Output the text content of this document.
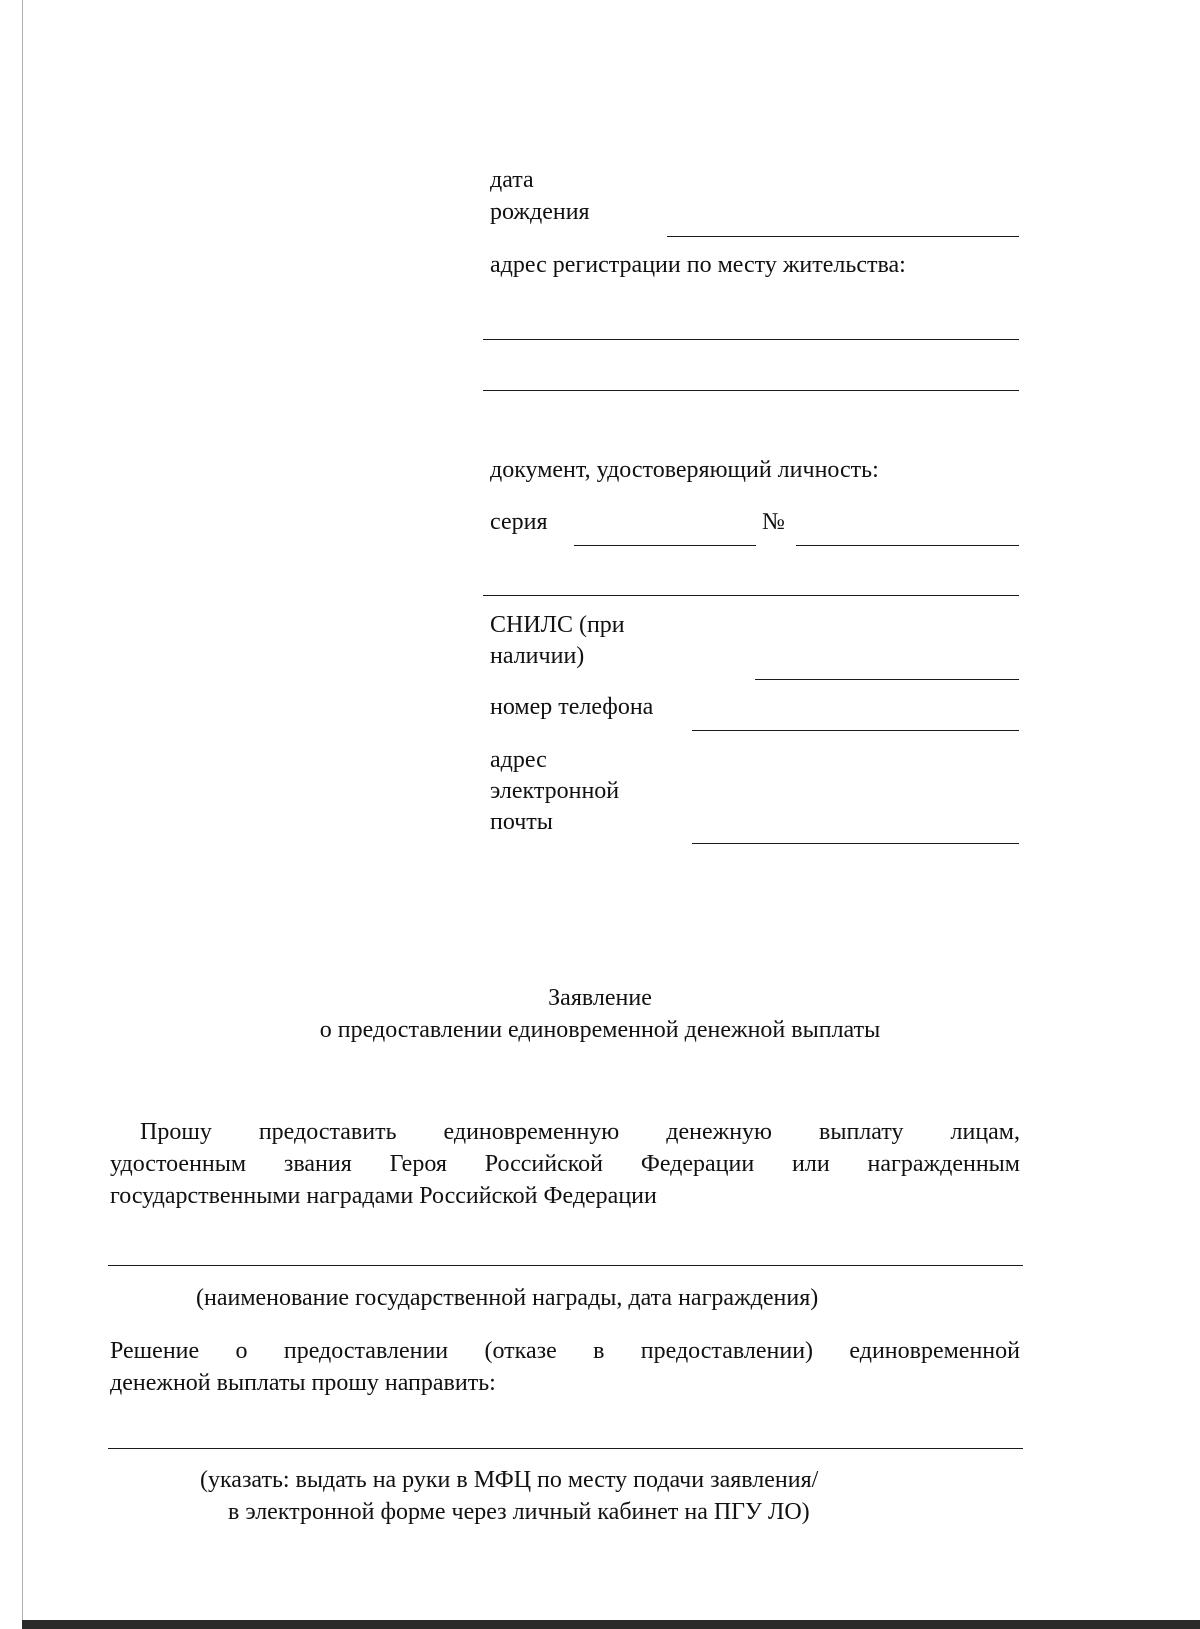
дата
рождения
адрес регистрации по месту жительства:
документ, удостоверяющий личность:
серия	№
СНИЛС (при
наличии)
номер телефона
адрес
электронной
почты
Заявление
о предоставлении единовременной денежной выплаты
Прошу предоставить единовременную денежную выплату лицам,
удостоенным звания Героя Российской Федерации или награжденным
государственными наградами Российской Федерации
(наименование государственной награды, дата награждения)
Решение о предоставлении (отказе в предоставлении) единовременной
денежной выплаты прошу направить:
(указать: выдать на руки в МФЦ по месту подачи заявления/
в электронной форме через личный кабинет на ПГУ ЛО)
